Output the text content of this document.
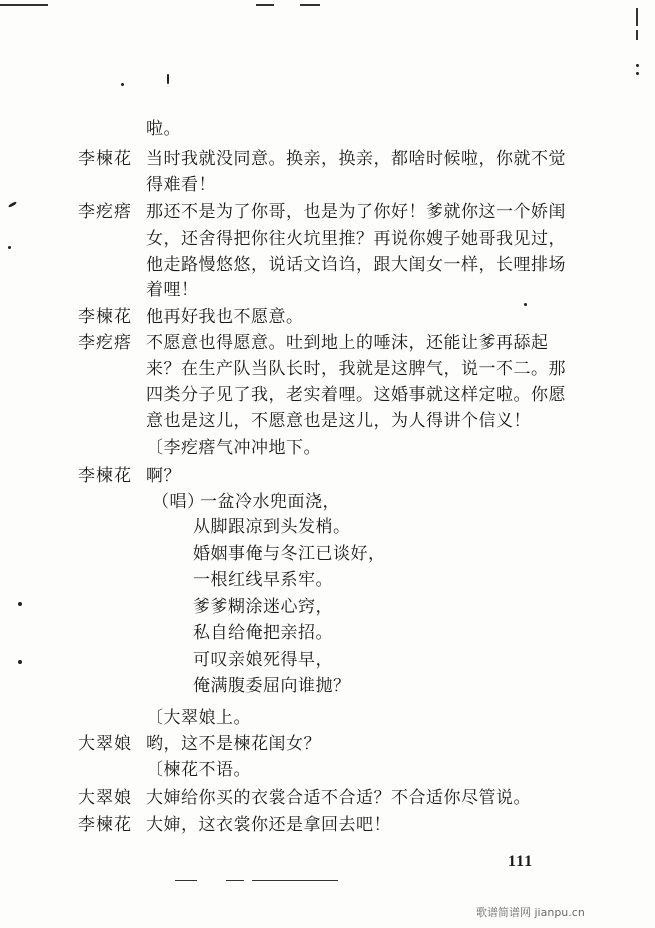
啦。
李楝花 当时我就没同意。换亲，换亲，都啥时候啦，你就不觉
得难看！
李疙瘩 那还不是为了你哥，也是为了你好！爹就你这一个娇闺
女，还舍得把你往火坑里推？再说你嫂子她哥我见过，
他走路慢悠悠，说话文诌诌，跟大闺女一样，长哩排场
着哩！
李楝花 他再好我也不愿意。
李疙瘩 不愿意也得愿意。吐到地上的唾沫，还能让爹再舔起
来？在生产队当队长时，我就是这脾气，说一不二。那
四类分子见了我，老实着哩。这婚事就这样定啦。你愿
意也是这儿，不愿意也是这儿，为人得讲个信义！
〔李疙瘩气冲冲地下。
李楝花 啊？
（唱）
一盆冷水兜面浇，
从脚跟凉到头发梢。
婚姻事俺与冬江已谈好，
一根红线早系牢。
爹爹糊涂迷心窍，
私自给俺把亲招。
可叹亲娘死得早，
俺满腹委屈向谁抛？
〔大翠娘上。
大翠娘 哟，这不是楝花闺女？
〔楝花不语。
大翠娘 大婶给你买的衣裳合适不合适？不合适你尽管说。
李楝花 大婶，这衣裳你还是拿回去吧！
111
歌谱简谱网 jianpu.cn
